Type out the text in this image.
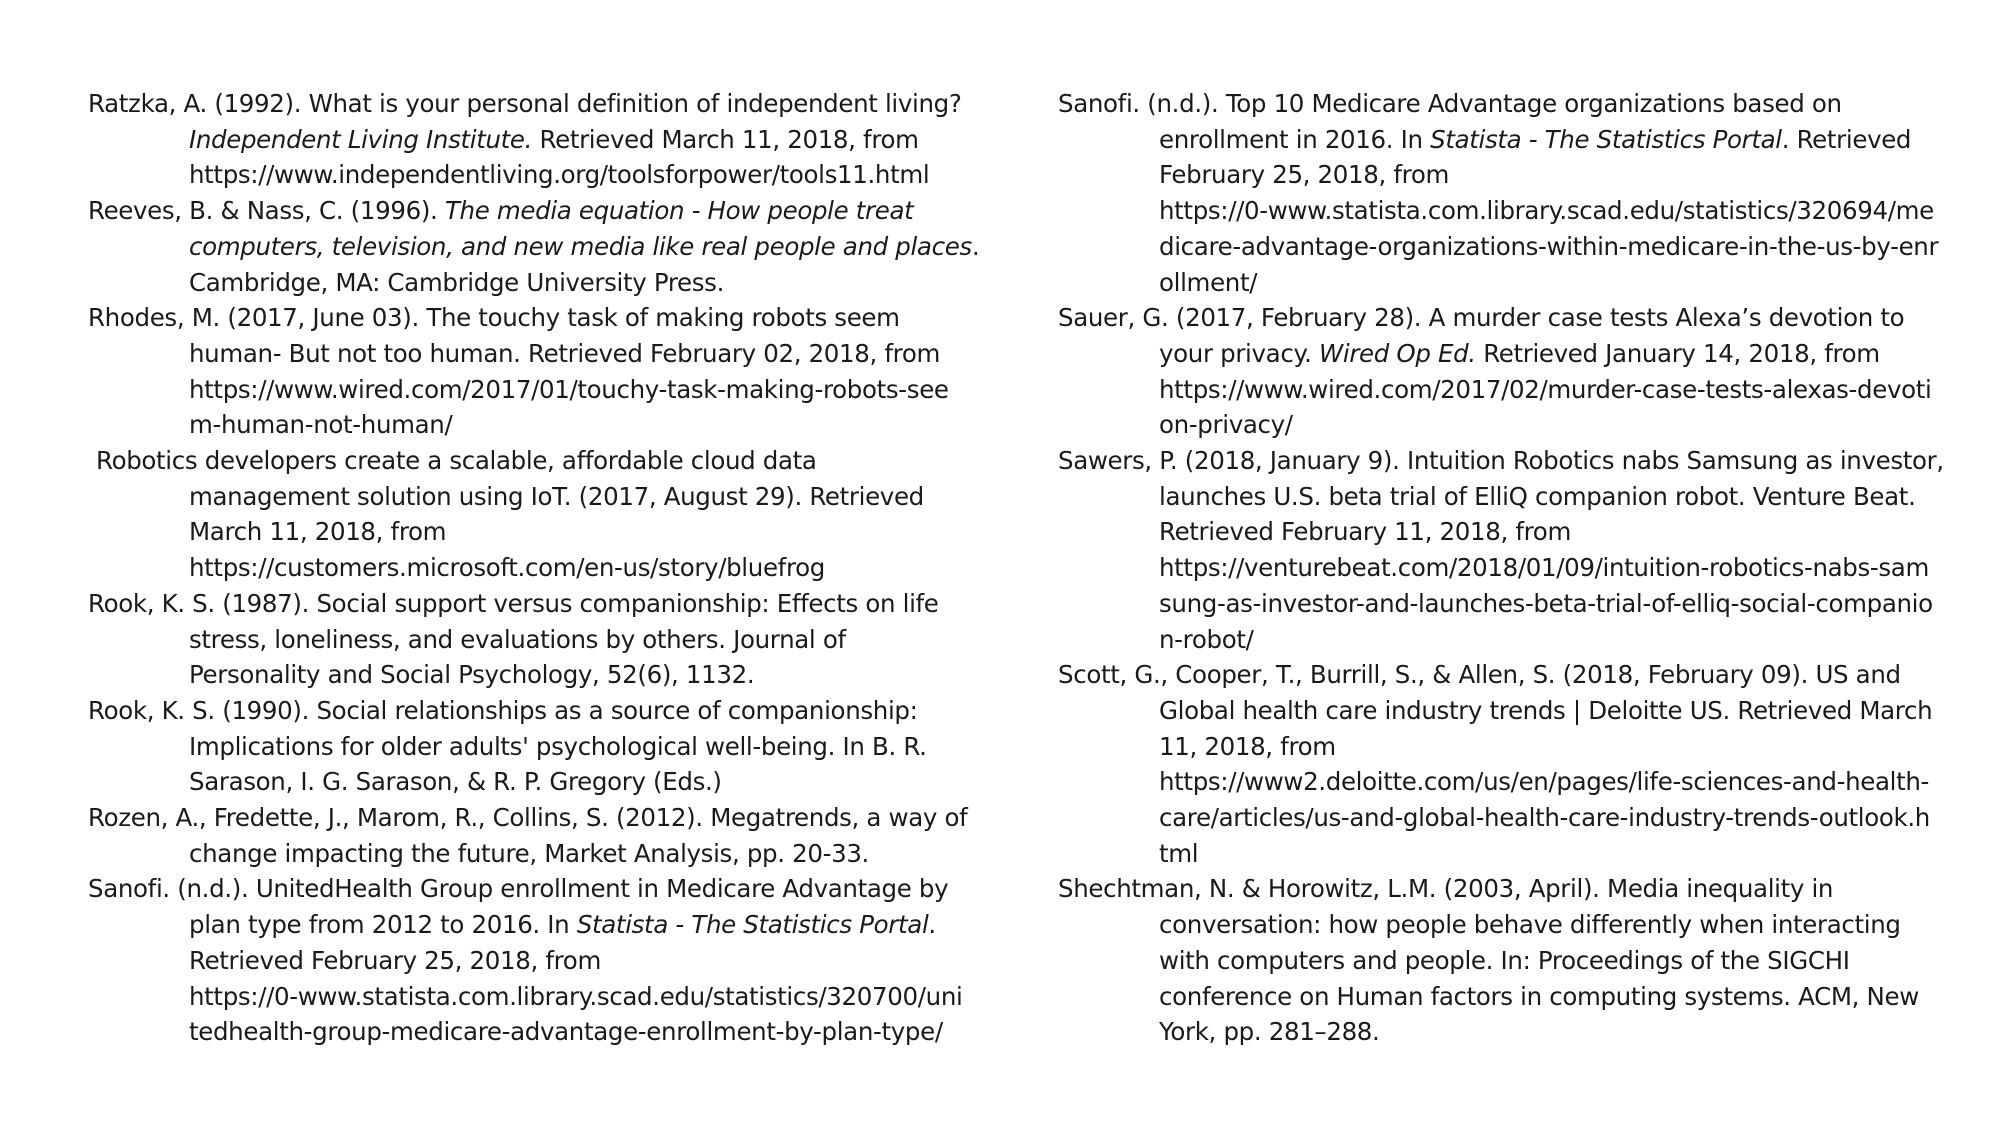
Ratzka, A. (1992). What is your personal definition of independent living?
Independent Living Institute. Retrieved March 11, 2018, from
https://www.independentliving.org/toolsforpower/tools11.html
Reeves, B. & Nass, C. (1996). The media equation - How people treat
computers, television, and new media like real people and places.
Cambridge, MA: Cambridge University Press.
Rhodes, M. (2017, June 03). The touchy task of making robots seem
human- But not too human. Retrieved February 02, 2018, from
https://www.wired.com/2017/01/touchy-task-making-robots-see
m-human-not-human/
Robotics developers create a scalable, affordable cloud data
management solution using IoT. (2017, August 29). Retrieved
March 11, 2018, from
https://customers.microsoft.com/en-us/story/bluefrog
Rook, K. S. (1987). Social support versus companionship: Effects on life
stress, loneliness, and evaluations by others. Journal of
Personality and Social Psychology, 52(6), 1132.
Rook, K. S. (1990). Social relationships as a source of companionship:
Implications for older adults' psychological well-being. In B. R.
Sarason, I. G. Sarason, & R. P. Gregory (Eds.)
Rozen, A., Fredette, J., Marom, R., Collins, S. (2012). Megatrends, a way of
change impacting the future, Market Analysis, pp. 20-33.
Sanofi. (n.d.). UnitedHealth Group enrollment in Medicare Advantage by
plan type from 2012 to 2016. In Statista - The Statistics Portal.
Retrieved February 25, 2018, from
https://0-www.statista.com.library.scad.edu/statistics/320700/uni
tedhealth-group-medicare-advantage-enrollment-by-plan-type/
Sanofi. (n.d.). Top 10 Medicare Advantage organizations based on
enrollment in 2016. In Statista - The Statistics Portal. Retrieved
February 25, 2018, from
https://0-www.statista.com.library.scad.edu/statistics/320694/me
dicare-advantage-organizations-within-medicare-in-the-us-by-enr
ollment/
Sauer, G. (2017, February 28). A murder case tests Alexa’s devotion to
your privacy. Wired Op Ed. Retrieved January 14, 2018, from
https://www.wired.com/2017/02/murder-case-tests-alexas-devoti
on-privacy/
Sawers, P. (2018, January 9). Intuition Robotics nabs Samsung as investor,
launches U.S. beta trial of ElliQ companion robot. Venture Beat.
Retrieved February 11, 2018, from
https://venturebeat.com/2018/01/09/intuition-robotics-nabs-sam
sung-as-investor-and-launches-beta-trial-of-elliq-social-companio
n-robot/
Scott, G., Cooper, T., Burrill, S., & Allen, S. (2018, February 09). US and
Global health care industry trends | Deloitte US. Retrieved March
11, 2018, from
https://www2.deloitte.com/us/en/pages/life-sciences-and-health-
care/articles/us-and-global-health-care-industry-trends-outlook.h
tml
Shechtman, N. & Horowitz, L.M. (2003, April). Media inequality in
conversation: how people behave differently when interacting
with computers and people. In: Proceedings of the SIGCHI
conference on Human factors in computing systems. ACM, New
York, pp. 281–288.
